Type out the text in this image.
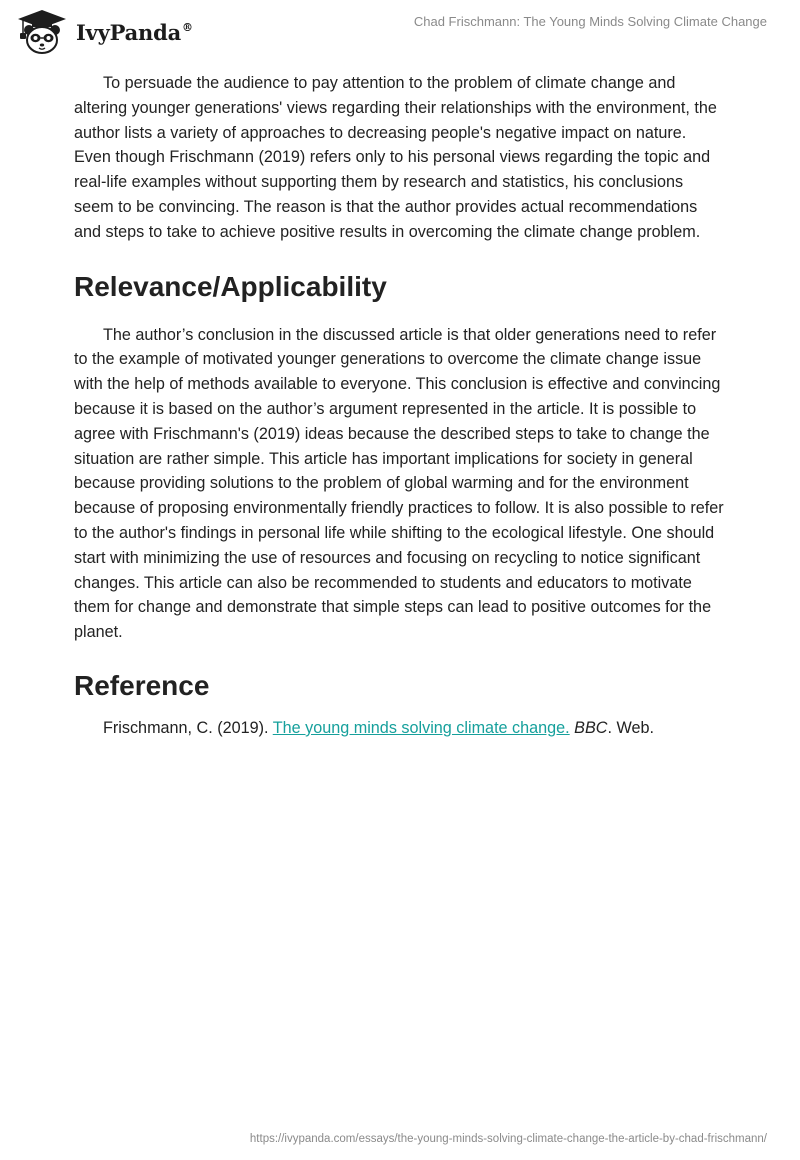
IvyPanda®	Chad Frischmann: The Young Minds Solving Climate Change

To persuade the audience to pay attention to the problem of climate change and altering younger generations' views regarding their relationships with the environment, the author lists a variety of approaches to decreasing people's negative impact on nature. Even though Frischmann (2019) refers only to his personal views regarding the topic and real-life examples without supporting them by research and statistics, his conclusions seem to be convincing. The reason is that the author provides actual recommendations and steps to take to achieve positive results in overcoming the climate change problem.

Relevance/Applicability

The author’s conclusion in the discussed article is that older generations need to refer to the example of motivated younger generations to overcome the climate change issue with the help of methods available to everyone. This conclusion is effective and convincing because it is based on the author’s argument represented in the article. It is possible to agree with Frischmann's (2019) ideas because the described steps to take to change the situation are rather simple. This article has important implications for society in general because providing solutions to the problem of global warming and for the environment because of proposing environmentally friendly practices to follow. It is also possible to refer to the author's findings in personal life while shifting to the ecological lifestyle. One should start with minimizing the use of resources and focusing on recycling to notice significant changes. This article can also be recommended to students and educators to motivate them for change and demonstrate that simple steps can lead to positive outcomes for the planet.

Reference

Frischmann, C. (2019). The young minds solving climate change. BBC. Web.

https://ivypanda.com/essays/the-young-minds-solving-climate-change-the-article-by-chad-frischmann/
